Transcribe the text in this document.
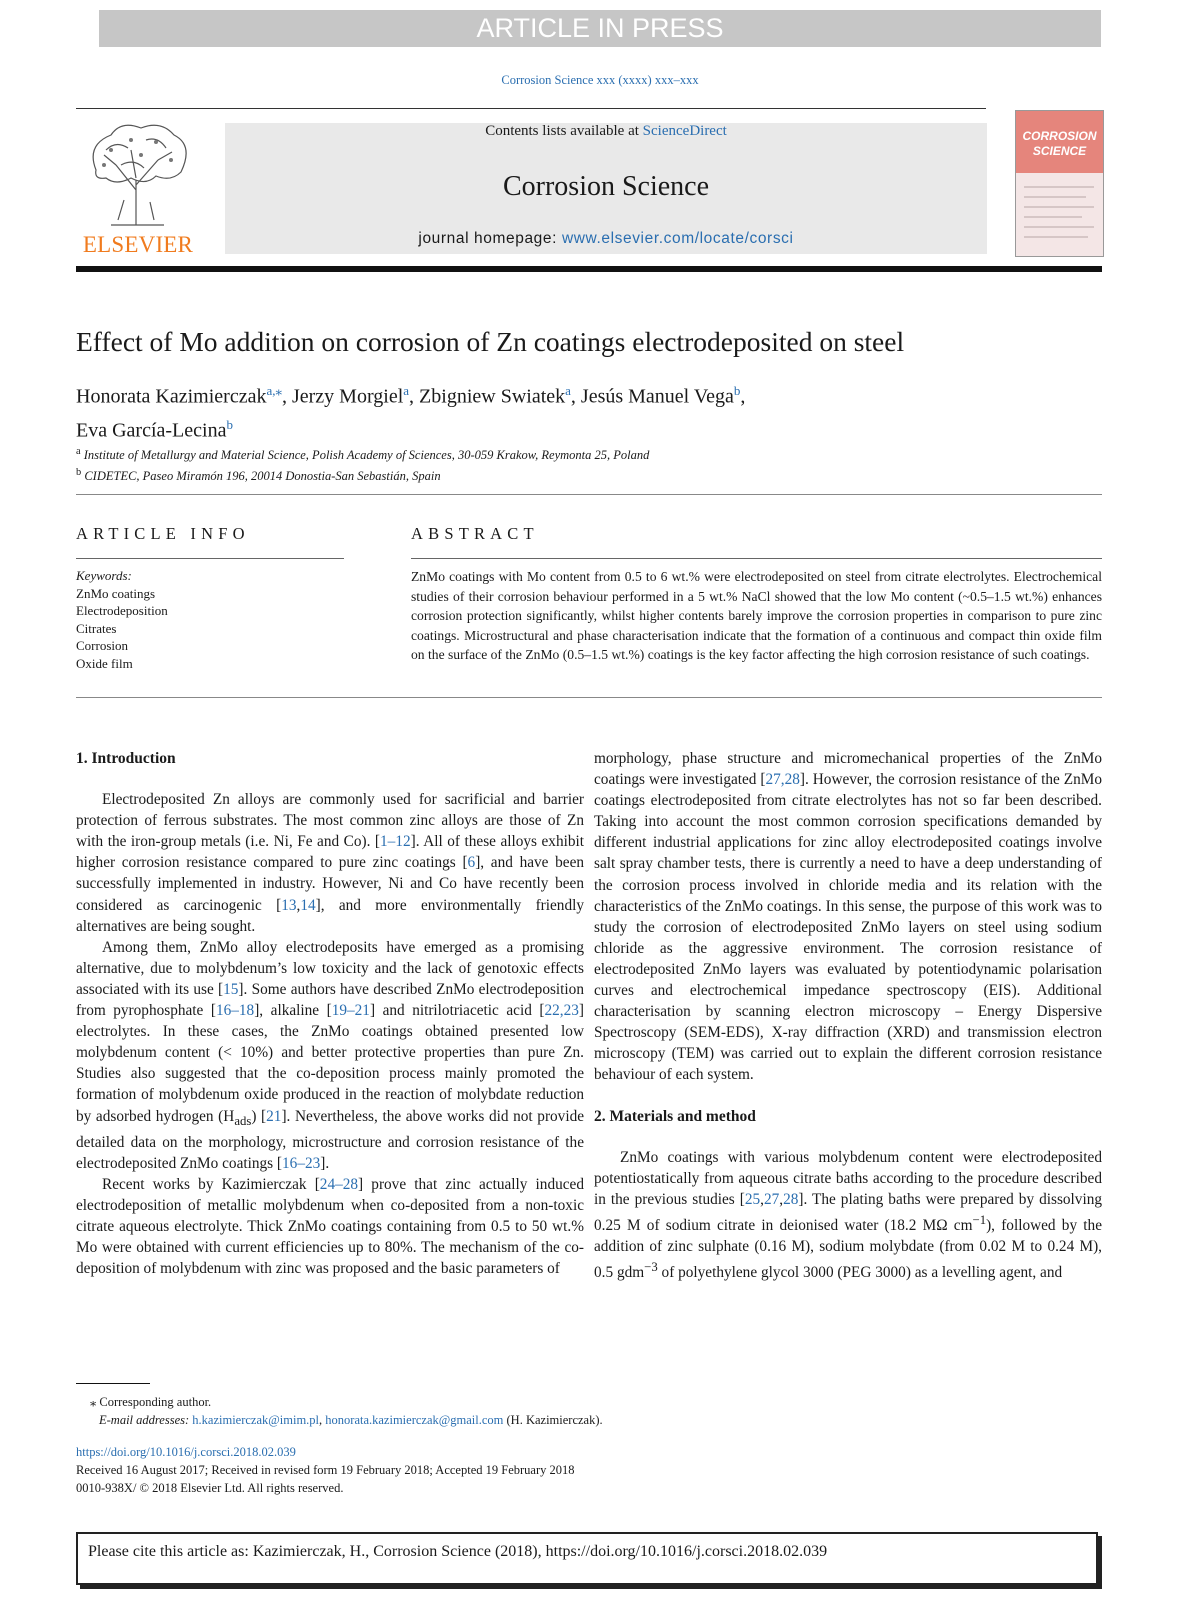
ARTICLE IN PRESS
Corrosion Science xxx (xxxx) xxx–xxx
ELSEVIER
Contents lists available at ScienceDirect
Corrosion Science
journal homepage: www.elsevier.com/locate/corsci
CORROSION
SCIENCE
Effect of Mo addition on corrosion of Zn coatings electrodeposited on steel
Honorata Kazimierczak$^{a,⁎}$, Jerzy Morgiel$^a$, Zbigniew Swiatek$^a$, Jesús Manuel Vega$^b$,
Eva García-Lecina$^b$
$^a$ Institute of Metallurgy and Material Science, Polish Academy of Sciences, 30-059 Krakow, Reymonta 25, Poland
$^b$ CIDETEC, Paseo Miramón 196, 20014 Donostia-San Sebastián, Spain
ARTICLE INFO	ABSTRACT
Keywords:
ZnMo coatings
Electrodeposition
Citrates
Corrosion
Oxide film
ZnMo coatings with Mo content from 0.5 to 6 wt.% were electrodeposited on steel from citrate electrolytes. Electrochemical studies of their corrosion behaviour performed in a 5 wt.% NaCl showed that the low Mo content (~0.5–1.5 wt.%) enhances corrosion protection significantly, whilst higher contents barely improve the corrosion properties in comparison to pure zinc coatings. Microstructural and phase characterisation indicate that the formation of a continuous and compact thin oxide film on the surface of the ZnMo (0.5–1.5 wt.%) coatings is the key factor affecting the high corrosion resistance of such coatings.
1. Introduction

Electrodeposited Zn alloys are commonly used for sacrificial and barrier protection of ferrous substrates. The most common zinc alloys are those of Zn with the iron-group metals (i.e. Ni, Fe and Co). [1–12]. All of these alloys exhibit higher corrosion resistance compared to pure zinc coatings [6], and have been successfully implemented in industry. However, Ni and Co have recently been considered as carcinogenic [13,14], and more environmentally friendly alternatives are being sought.

Among them, ZnMo alloy electrodeposits have emerged as a promising alternative, due to molybdenum’s low toxicity and the lack of genotoxic effects associated with its use [15]. Some authors have described ZnMo electrodeposition from pyrophosphate [16–18], alkaline [19–21] and nitrilotriacetic acid [22,23] electrolytes. In these cases, the ZnMo coatings obtained presented low molybdenum content (< 10%) and better protective properties than pure Zn. Studies also suggested that the co-deposition process mainly promoted the formation of molybdenum oxide produced in the reaction of molybdate reduction by adsorbed hydrogen $(H_{ads})$ [21]. Nevertheless, the above works did not provide detailed data on the morphology, microstructure and corrosion resistance of the electrodeposited ZnMo coatings [16–23].

Recent works by Kazimierczak [24–28] prove that zinc actually induced electrodeposition of metallic molybdenum when co-deposited from a non-toxic citrate aqueous electrolyte. Thick ZnMo coatings containing from 0.5 to 50 wt.% Mo were obtained with current efficiencies up to 80%. The mechanism of the co-deposition of molybdenum with zinc was proposed and the basic parameters of

morphology, phase structure and micromechanical properties of the ZnMo coatings were investigated [27,28]. However, the corrosion resistance of the ZnMo coatings electrodeposited from citrate electrolytes has not so far been described. Taking into account the most common corrosion specifications demanded by different industrial applications for zinc alloy electrodeposited coatings involve salt spray chamber tests, there is currently a need to have a deep understanding of the corrosion process involved in chloride media and its relation with the characteristics of the ZnMo coatings. In this sense, the purpose of this work was to study the corrosion of electrodeposited ZnMo layers on steel using sodium chloride as the aggressive environment. The corrosion resistance of electrodeposited ZnMo layers was evaluated by potentiodynamic polarisation curves and electrochemical impedance spectroscopy (EIS). Additional characterisation by scanning electron microscopy – Energy Dispersive Spectroscopy (SEM-EDS), X-ray diffraction (XRD) and transmission electron microscopy (TEM) was carried out to explain the different corrosion resistance behaviour of each system.

2. Materials and method

ZnMo coatings with various molybdenum content were electrodeposited potentiostatically from aqueous citrate baths according to the procedure described in the previous studies [25,27,28]. The plating baths were prepared by dissolving 0.25 M of sodium citrate in deionised water (18.2 MΩ $cm^{-1}$), followed by the addition of zinc sulphate (0.16 M), sodium molybdate (from 0.02 M to 0.24 M), 0.5 gdm$^{-3}$ of polyethylene glycol 3000 (PEG 3000) as a levelling agent, and

⁎ Corresponding author.
E-mail addresses: h.kazimierczak@imim.pl, honorata.kazimierczak@gmail.com (H. Kazimierczak).
https://doi.org/10.1016/j.corsci.2018.02.039
Received 16 August 2017; Received in revised form 19 February 2018; Accepted 19 February 2018
0010-938X/ © 2018 Elsevier Ltd. All rights reserved.
Please cite this article as: Kazimierczak, H., Corrosion Science (2018), https://doi.org/10.1016/j.corsci.2018.02.039
